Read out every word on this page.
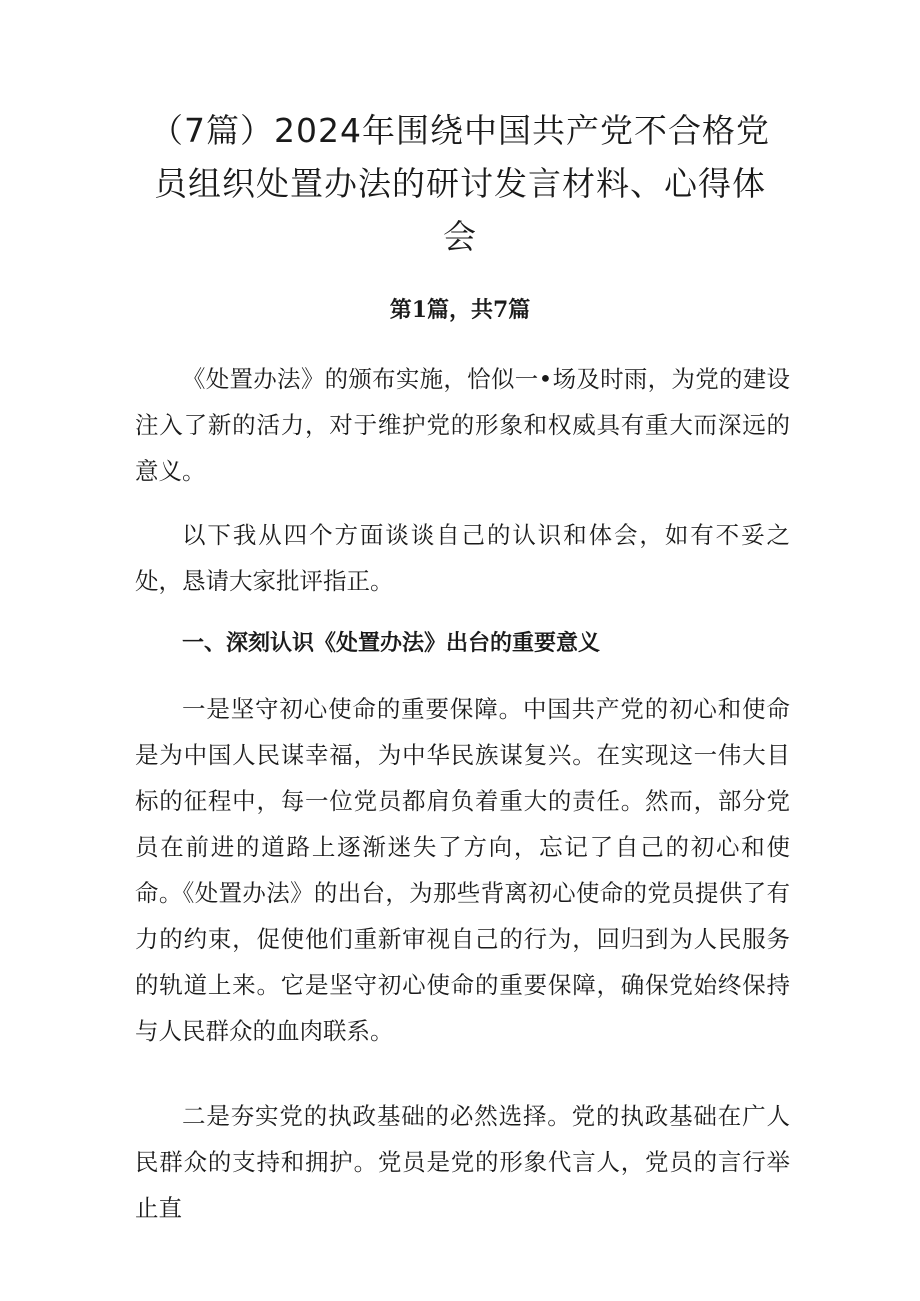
（7篇）2024年围绕中国共产党不合格党员组织处置办法的研讨发言材料、心得体会
第1篇，共7篇

《处置办法》的颁布实施，恰似一•场及时雨，为党的建设注入了新的活力，对于维护党的形象和权威具有重大而深远的意义。

以下我从四个方面谈谈自己的认识和体会，如有不妥之处，恳请大家批评指正。

一、深刻认识《处置办法》出台的重要意义

一是坚守初心使命的重要保障。中国共产党的初心和使命是为中国人民谋幸福，为中华民族谋复兴。在实现这一伟大目标的征程中，每一位党员都肩负着重大的责任。然而，部分党员在前进的道路上逐渐迷失了方向，忘记了自己的初心和使命。《处置办法》的出台，为那些背离初心使命的党员提供了有力的约束，促使他们重新审视自己的行为，回归到为人民服务的轨道上来。它是坚守初心使命的重要保障，确保党始终保持与人民群众的血肉联系。

二是夯实党的执政基础的必然选择。党的执政基础在广人民群众的支持和拥护。党员是党的形象代言人，党员的言行举止直
